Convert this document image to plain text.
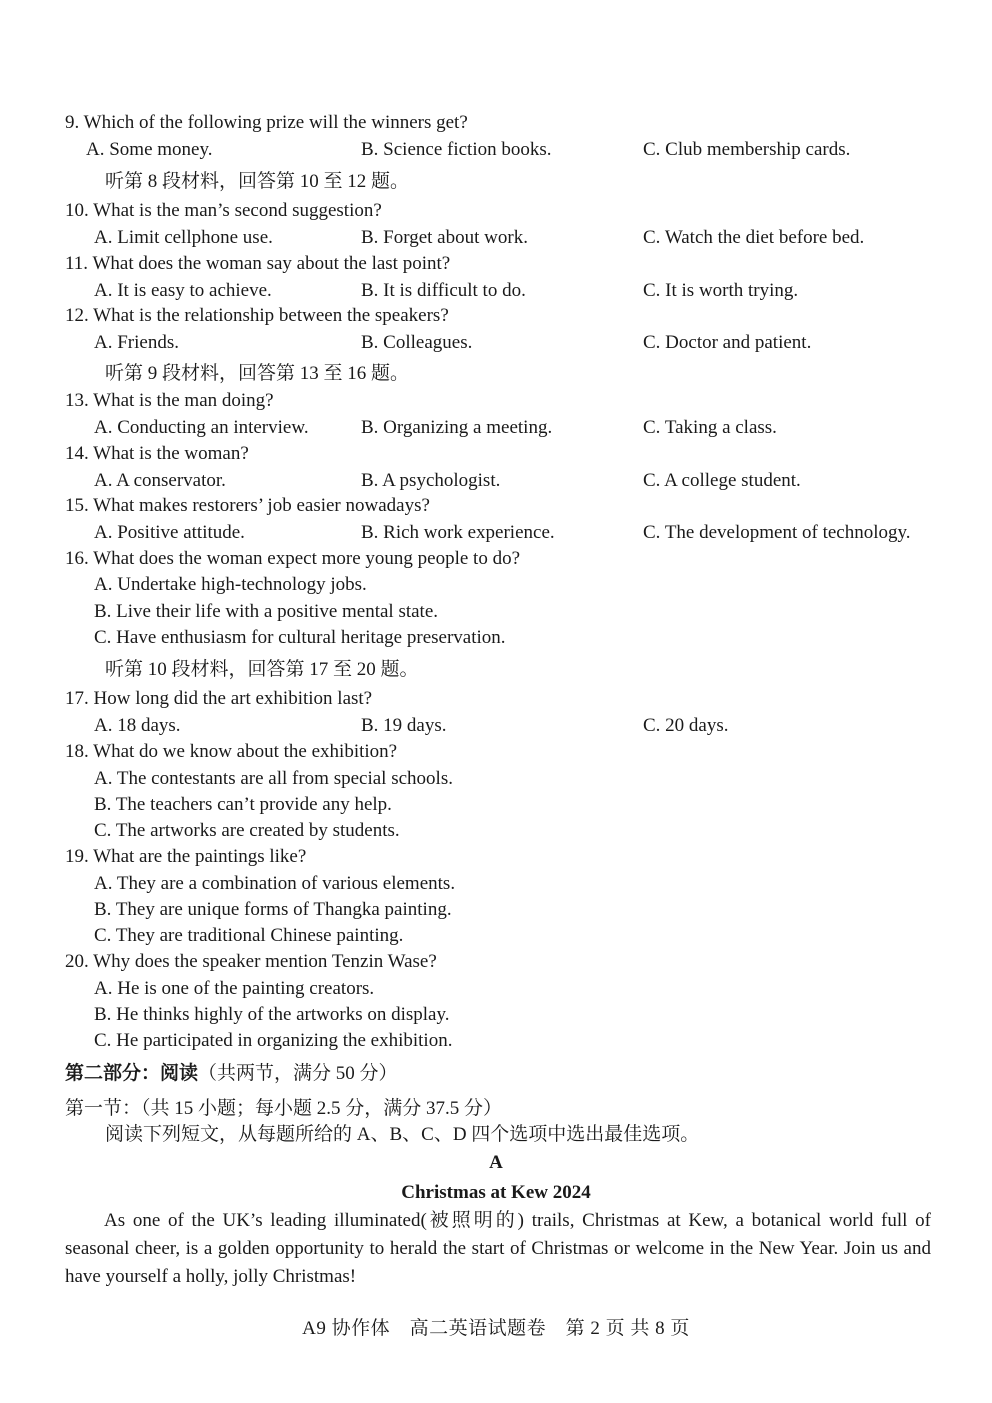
9. Which of the following prize will the winners get?
A. Some money.	B. Science fiction books.	C. Club membership cards.
听第 8 段材料，回答第 10 至 12 题。
10. What is the man’s second suggestion?
A. Limit cellphone use.	B. Forget about work.	C. Watch the diet before bed.
11. What does the woman say about the last point?
A. It is easy to achieve.	B. It is difficult to do.	C. It is worth trying.
12. What is the relationship between the speakers?
A. Friends.	B. Colleagues.	C. Doctor and patient.
听第 9 段材料，回答第 13 至 16 题。
13. What is the man doing?
A. Conducting an interview.	B. Organizing a meeting.	C. Taking a class.
14. What is the woman?
A. A conservator.	B. A psychologist.	C. A college student.
15. What makes restorers’ job easier nowadays?
A. Positive attitude.	B. Rich work experience.	C. The development of technology.
16. What does the woman expect more young people to do?
A. Undertake high-technology jobs.
B. Live their life with a positive mental state.
C. Have enthusiasm for cultural heritage preservation.
听第 10 段材料，回答第 17 至 20 题。
17. How long did the art exhibition last?
A. 18 days.	B. 19 days.	C. 20 days.
18. What do we know about the exhibition?
A. The contestants are all from special schools.
B. The teachers can’t provide any help.
C. The artworks are created by students.
19. What are the paintings like?
A. They are a combination of various elements.
B. They are unique forms of Thangka painting.
C. They are traditional Chinese painting.
20. Why does the speaker mention Tenzin Wase?
A. He is one of the painting creators.
B. He thinks highly of the artworks on display.
C. He participated in organizing the exhibition.
第二部分：阅读（共两节，满分 50 分）
第一节：（共 15 小题；每小题 2.5 分，满分 37.5 分）
阅读下列短文，从每题所给的 A、B、C、D 四个选项中选出最佳选项。
A
Christmas at Kew 2024

As one of the UK’s leading illuminated(被照明的) trails, Christmas at Kew, a botanical world full of seasonal cheer, is a golden opportunity to herald the start of Christmas or welcome in the New Year. Join us and have yourself a holly, jolly Christmas!

A9 协作体　高二英语试题卷　第 2 页 共 8 页
